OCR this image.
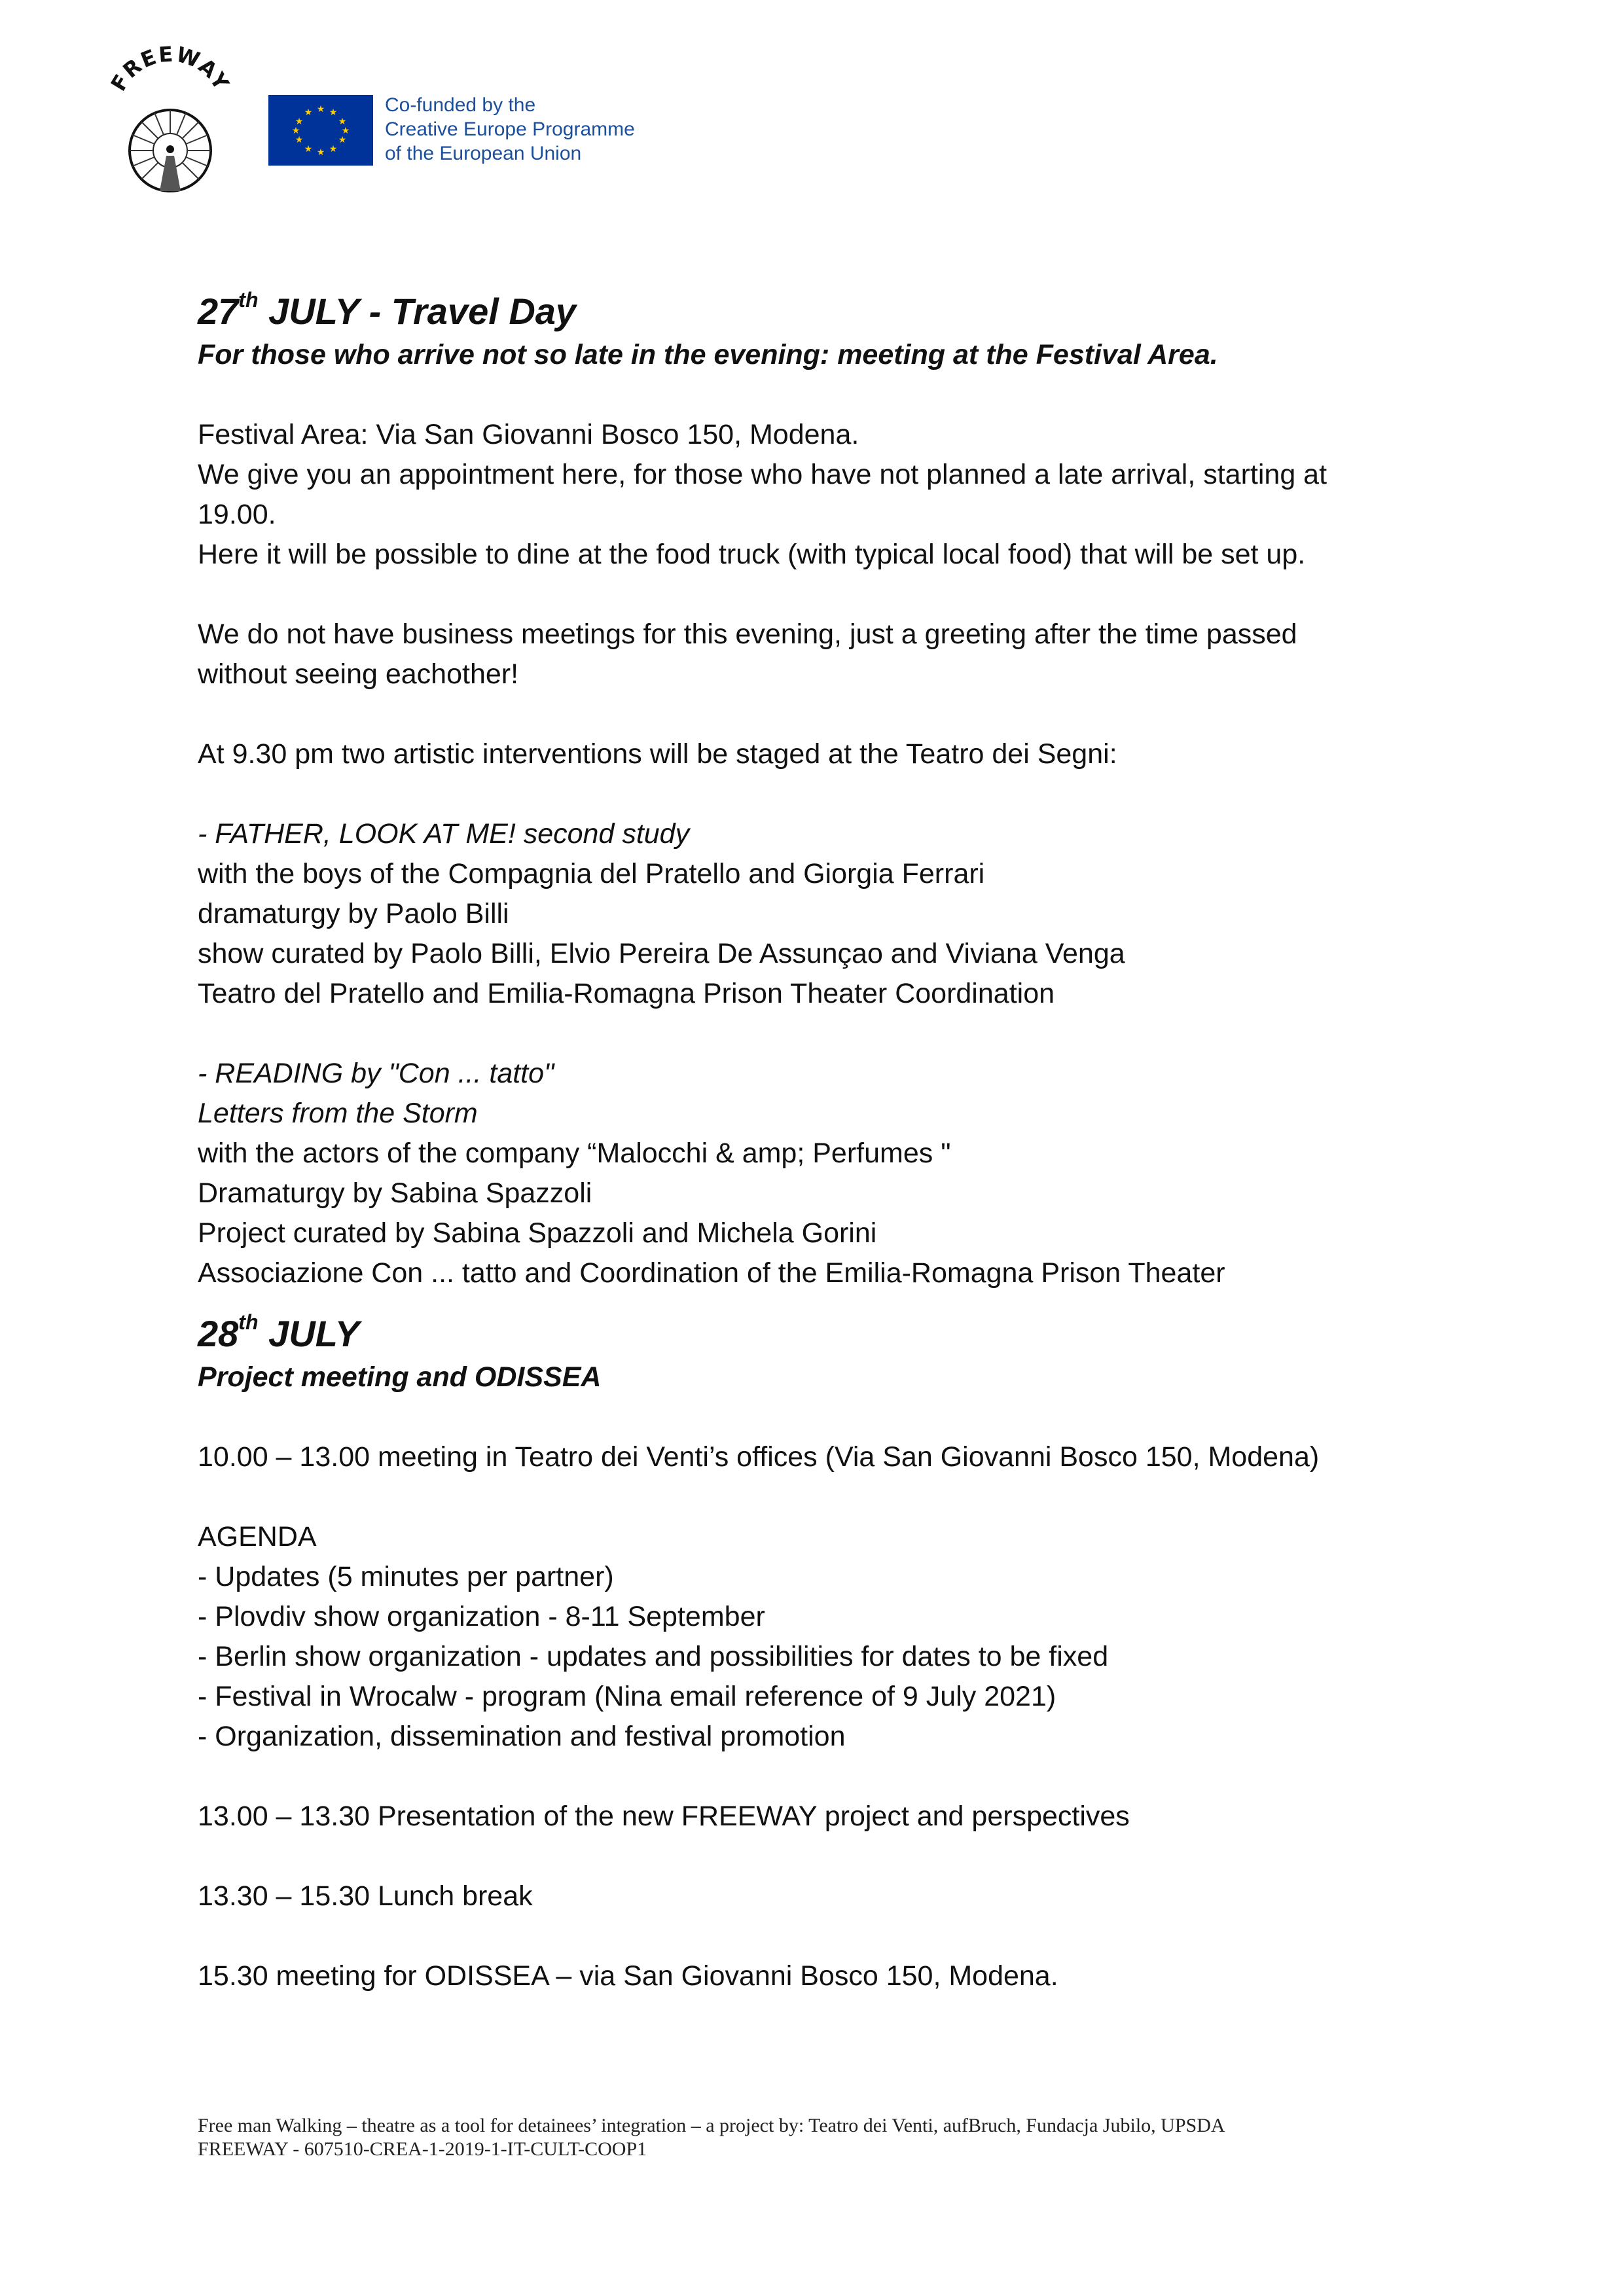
FREEWAY
★ ★
★
★
★
★
★
★
★
★
★
★	Co-funded by the
Creative Europe Programme
of the European Union
27th JULY - Travel Day

For those who arrive not so late in the evening: meeting at the Festival Area.

Festival Area: Via San Giovanni Bosco 150, Modena.

We give you an appointment here, for those who have not planned a late arrival, starting at

19.00.

Here it will be possible to dine at the food truck (with typical local food) that will be set up.

We do not have business meetings for this evening, just a greeting after the time passed

without seeing eachother!

At 9.30 pm two artistic interventions will be staged at the Teatro dei Segni:

- FATHER, LOOK AT ME! second study

with the boys of the Compagnia del Pratello and Giorgia Ferrari

dramaturgy by Paolo Billi

show curated by Paolo Billi, Elvio Pereira De Assunçao and Viviana Venga

Teatro del Pratello and Emilia-Romagna Prison Theater Coordination

- READING by "Con ... tatto"

Letters from the Storm

with the actors of the company “Malocchi & amp; Perfumes "

Dramaturgy by Sabina Spazzoli

Project curated by Sabina Spazzoli and Michela Gorini

Associazione Con ... tatto and Coordination of the Emilia-Romagna Prison Theater

28th JULY

Project meeting and ODISSEA

10.00 – 13.00 meeting in Teatro dei Venti’s offices (Via San Giovanni Bosco 150, Modena)

AGENDA

- Updates (5 minutes per partner)

- Plovdiv show organization - 8-11 September

- Berlin show organization - updates and possibilities for dates to be fixed

- Festival in Wrocalw - program (Nina email reference of 9 July 2021)

- Organization, dissemination and festival promotion

13.00 – 13.30 Presentation of the new FREEWAY project and perspectives

13.30 – 15.30 Lunch break

15.30 meeting for ODISSEA – via San Giovanni Bosco 150, Modena.

Free man Walking – theatre as a tool for detainees’ integration – a project by: Teatro dei Venti, aufBruch, Fundacja Jubilo, UPSDA
FREEWAY - 607510-CREA-1-2019-1-IT-CULT-COOP1
